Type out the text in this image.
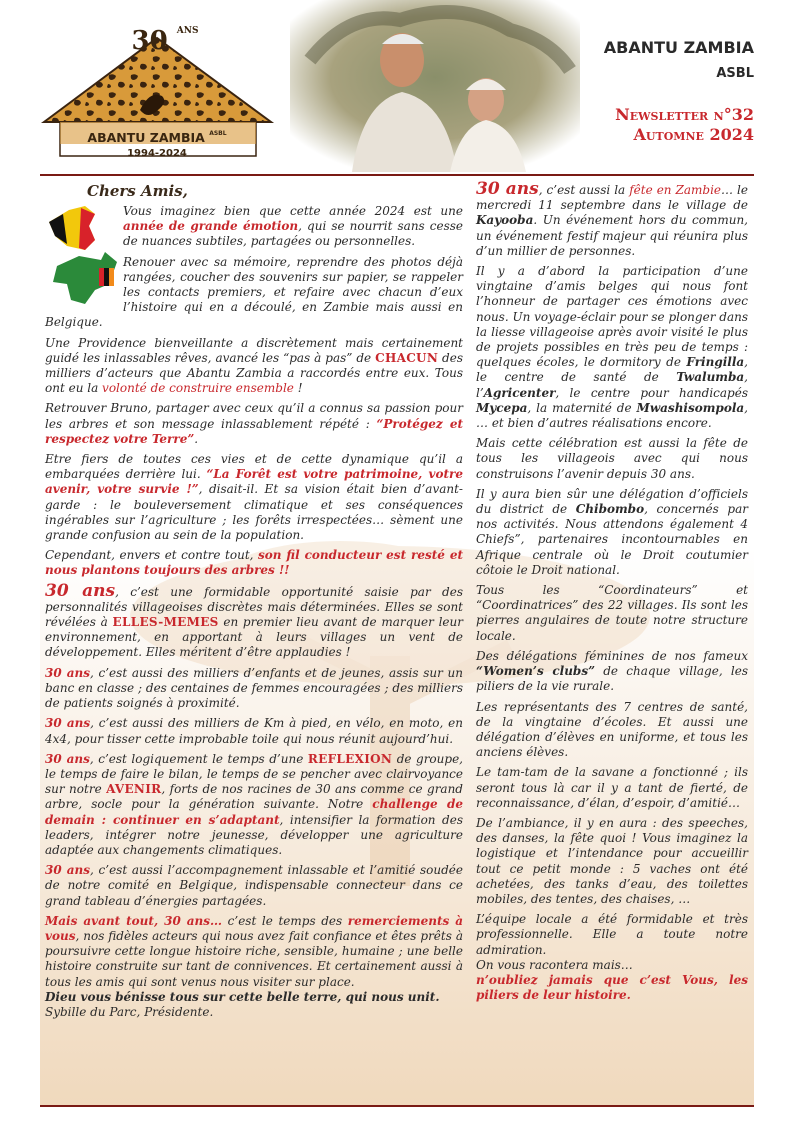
30 $^{ANS}$
ABANTU ZAMBIA $^{ASBL}$
1994-2024
ABANTU ZAMBIA
ASBL
Newsletter n°32
Automne 2024
Chers Amis,

Vous imaginez bien que cette année 2024 est une année de grande émotion, qui se nourrit sans cesse de nuances subtiles, partagées ou personnelles.

Renouer avec sa mémoire, reprendre des photos déjà rangées, coucher des souvenirs sur papier, se rappeler les contacts premiers, et refaire avec chacun d’eux l’histoire qui en a découlé, en Zambie mais aussi en Belgique.

Une Providence bienveillante a discrètement mais certainement guidé les inlassables rêves, avancé les “pas à pas” de CHACUN des milliers d’acteurs que Abantu Zambia a raccordés entre eux. Tous ont eu la volonté de construire ensemble !

Retrouver Bruno, partager avec ceux qu’il a connus sa passion pour les arbres et son message inlassablement répété : “Protégez et respectez votre Terre”.

Etre fiers de toutes ces vies et de cette dynamique qu’il a embarquées derrière lui. “La Forêt est votre patrimoine, votre avenir, votre survie !”, disait-il. Et sa vision était bien d’avant-garde : le bouleversement climatique et ses conséquences ingérables sur l’agriculture ; les forêts irrespectées… sèment une grande confusion au sein de la population.

Cependant, envers et contre tout, son fil conducteur est resté et nous plantons toujours des arbres !!

30 ans, c’est une formidable opportunité saisie par des personnalités villageoises discrètes mais déterminées. Elles se sont révélées à ELLES-MEMES en premier lieu avant de marquer leur environnement, en apportant à leurs villages un vent de développement. Elles méritent d’être applaudies !

30 ans, c’est aussi des milliers d’enfants et de jeunes, assis sur un banc en classe ; des centaines de femmes encouragées ; des milliers de patients soignés à proximité.

30 ans, c’est aussi des milliers de Km à pied, en vélo, en moto, en 4x4, pour tisser cette improbable toile qui nous réunit aujourd’hui.

30 ans, c’est logiquement le temps d’une REFLEXION de groupe, le temps de faire le bilan, le temps de se pencher avec clairvoyance sur notre AVENIR, forts de nos racines de 30 ans comme ce grand arbre, socle pour la génération suivante. Notre challenge de demain : continuer en s’adaptant, intensifier la formation des leaders, intégrer notre jeunesse, développer une agriculture adaptée aux changements climatiques.

30 ans, c’est aussi l’accompagnement inlassable et l’amitié soudée de notre comité en Belgique, indispensable connecteur dans ce grand tableau d’énergies partagées.

Mais avant tout, 30 ans… c’est le temps des remerciements à vous, nos fidèles acteurs qui nous avez fait confiance et êtes prêts à poursuivre cette longue histoire riche, sensible, humaine ; une belle histoire construite sur tant de connivences. Et certainement aussi à tous les amis qui sont venus nous visiter sur place.

Dieu vous bénisse tous sur cette belle terre, qui nous unit.

Sybille du Parc, Présidente.

30 ans, c’est aussi la fête en Zambie… le mercredi 11 septembre dans le village de Kayooba. Un événement hors du commun, un événement festif majeur qui réunira plus d’un millier de personnes.

Il y a d’abord la participation d’une vingtaine d’amis belges qui nous font l’honneur de partager ces émotions avec nous. Un voyage-éclair pour se plonger dans la liesse villageoise après avoir visité le plus de projets possibles en très peu de temps : quelques écoles, le dormitory de Fringilla, le centre de santé de Twalumba, l’Agricenter, le centre pour handicapés Mycepa, la maternité de Mwashisompola, … et bien d’autres réalisations encore.

Mais cette célébration est aussi la fête de tous les villageois avec qui nous construisons l’avenir depuis 30 ans.

Il y aura bien sûr une délégation d’officiels du district de Chibombo, concernés par nos activités. Nous attendons également 4 Chiefs”, partenaires incontournables en Afrique centrale où le Droit coutumier côtoie le Droit national.

Tous les “Coordinateurs” et “Coordinatrices” des 22 villages. Ils sont les pierres angulaires de toute notre structure locale.

Des délégations féminines de nos fameux “Women’s clubs” de chaque village, les piliers de la vie rurale.

Les représentants des 7 centres de santé, de la vingtaine d’écoles. Et aussi une délégation d’élèves en uniforme, et tous les anciens élèves.

Le tam-tam de la savane a fonctionné ; ils seront tous là car il y a tant de fierté, de reconnaissance, d’élan, d’espoir, d’amitié…

De l’ambiance, il y en aura : des speeches, des danses, la fête quoi ! Vous imaginez la logistique et l’intendance pour accueillir tout ce petit monde : 5 vaches ont été achetées, des tanks d’eau, des toilettes mobiles, des tentes, des chaises, …

L’équipe locale a été formidable et très professionnelle. Elle a toute notre admiration.

On vous racontera mais…

n’oubliez jamais que c’est Vous, les piliers de leur histoire.
